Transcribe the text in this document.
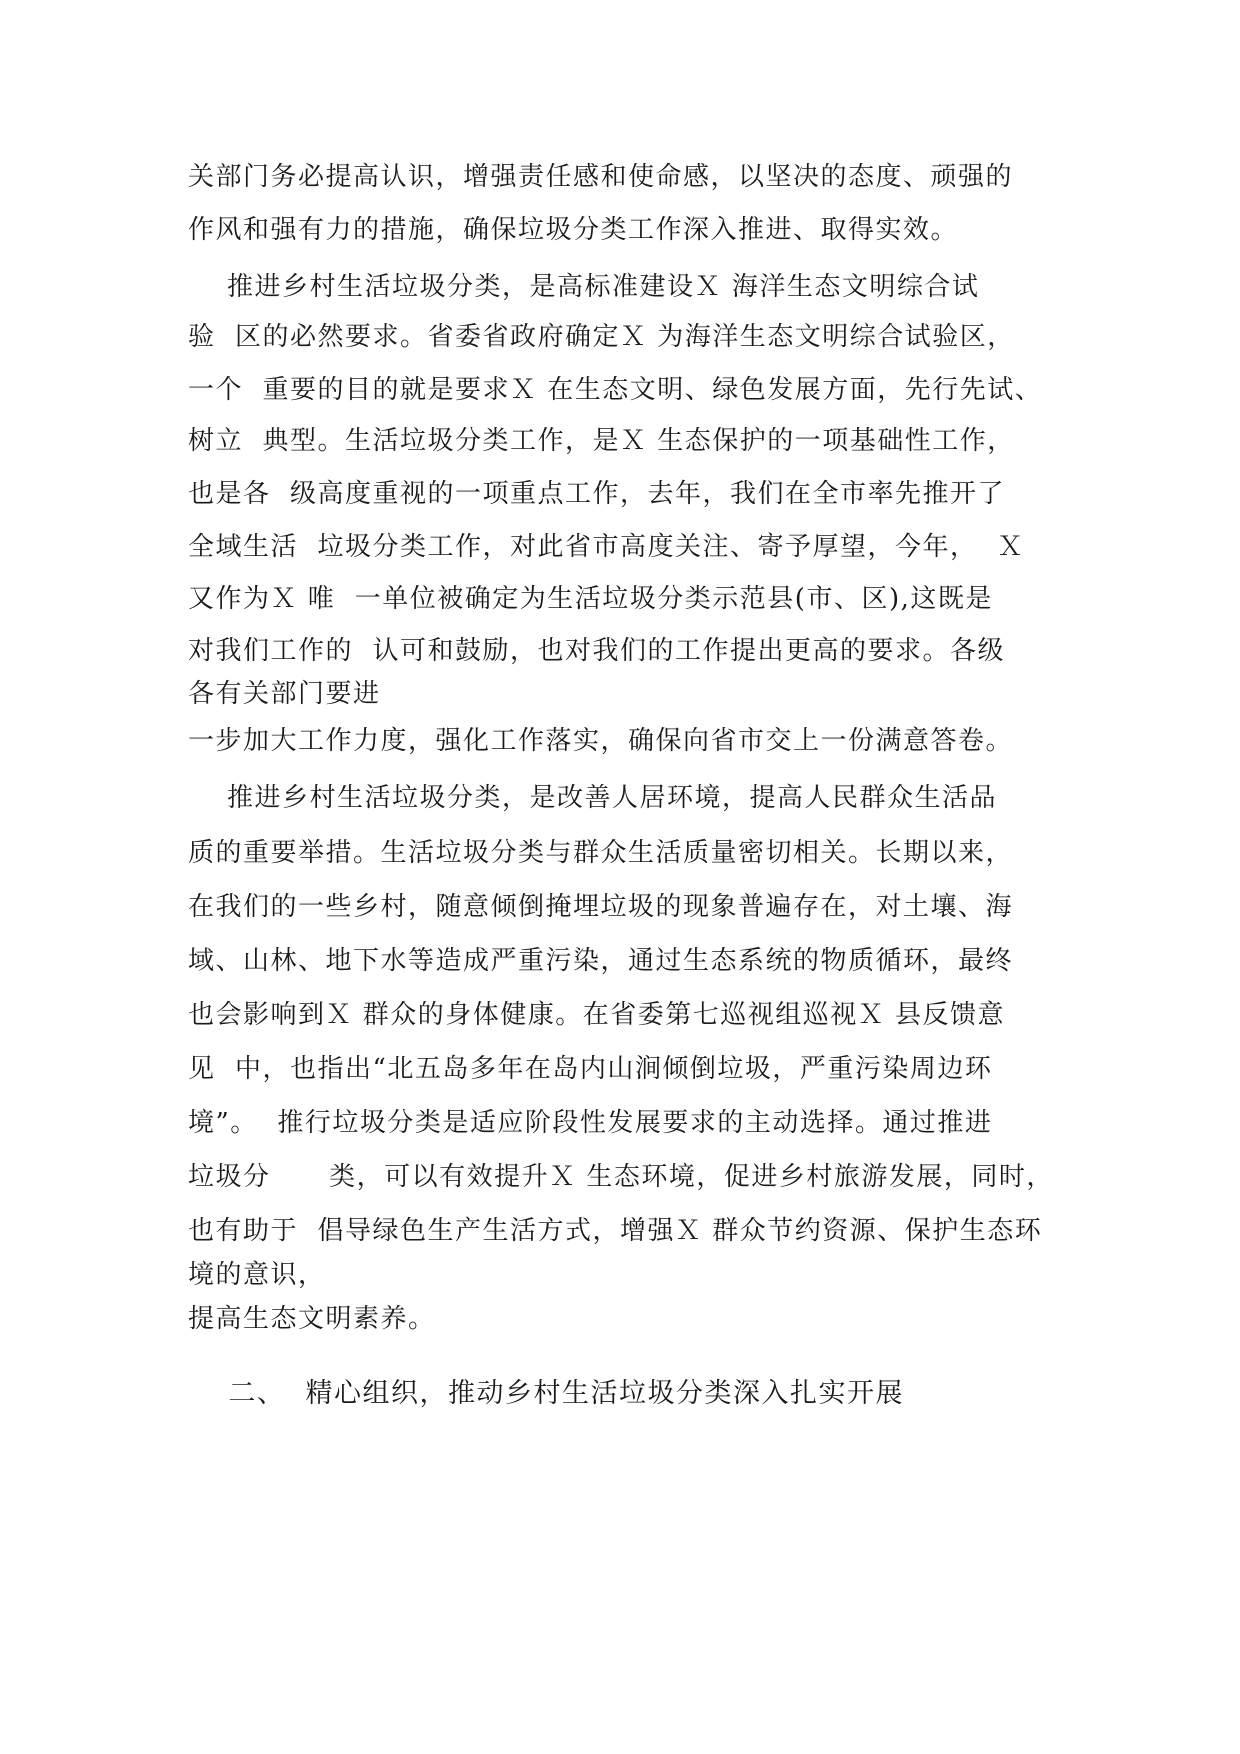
关部门务必提高认识，增强责任感和使命感，以坚决的态度、顽强的
作风和强有力的措施，确保垃圾分类工作深入推进、取得实效。
推进乡村生活垃圾分类，是高标准建设Ｘ 海洋生态文明综合试
验  区的必然要求。省委省政府确定Ｘ 为海洋生态文明综合试验区，
一个  重要的目的就是要求Ｘ 在生态文明、绿色发展方面，先行先试、
树立  典型。生活垃圾分类工作，是Ｘ 生态保护的一项基础性工作，
也是各  级高度重视的一项重点工作，去年，我们在全市率先推开了
全域生活  垃圾分类工作，对此省市高度关注、寄予厚望，今年，  Ｘ
又作为Ｘ 唯  一单位被确定为生活垃圾分类示范县(市、区),这既是
对我们工作的  认可和鼓励，也对我们的工作提出更高的要求。各级
各有关部门要进
一步加大工作力度，强化工作落实，确保向省市交上一份满意答卷。
推进乡村生活垃圾分类，是改善人居环境，提高人民群众生活品
质的重要举措。生活垃圾分类与群众生活质量密切相关。长期以来，
在我们的一些乡村，随意倾倒掩埋垃圾的现象普遍存在，对土壤、海
域、山林、地下水等造成严重污染，通过生态系统的物质循环，最终
也会影响到Ｘ 群众的身体健康。在省委第七巡视组巡视Ｘ 县反馈意
见  中，也指出“北五岛多年在岛内山涧倾倒垃圾，严重污染周边环
境”。  推行垃圾分类是适应阶段性发展要求的主动选择。通过推进
垃圾分      类，可以有效提升Ｘ 生态环境，促进乡村旅游发展，同时，
也有助于  倡导绿色生产生活方式，增强Ｘ 群众节约资源、保护生态环
境的意识，
提高生态文明素养。
二、  精心组织，推动乡村生活垃圾分类深入扎实开展
